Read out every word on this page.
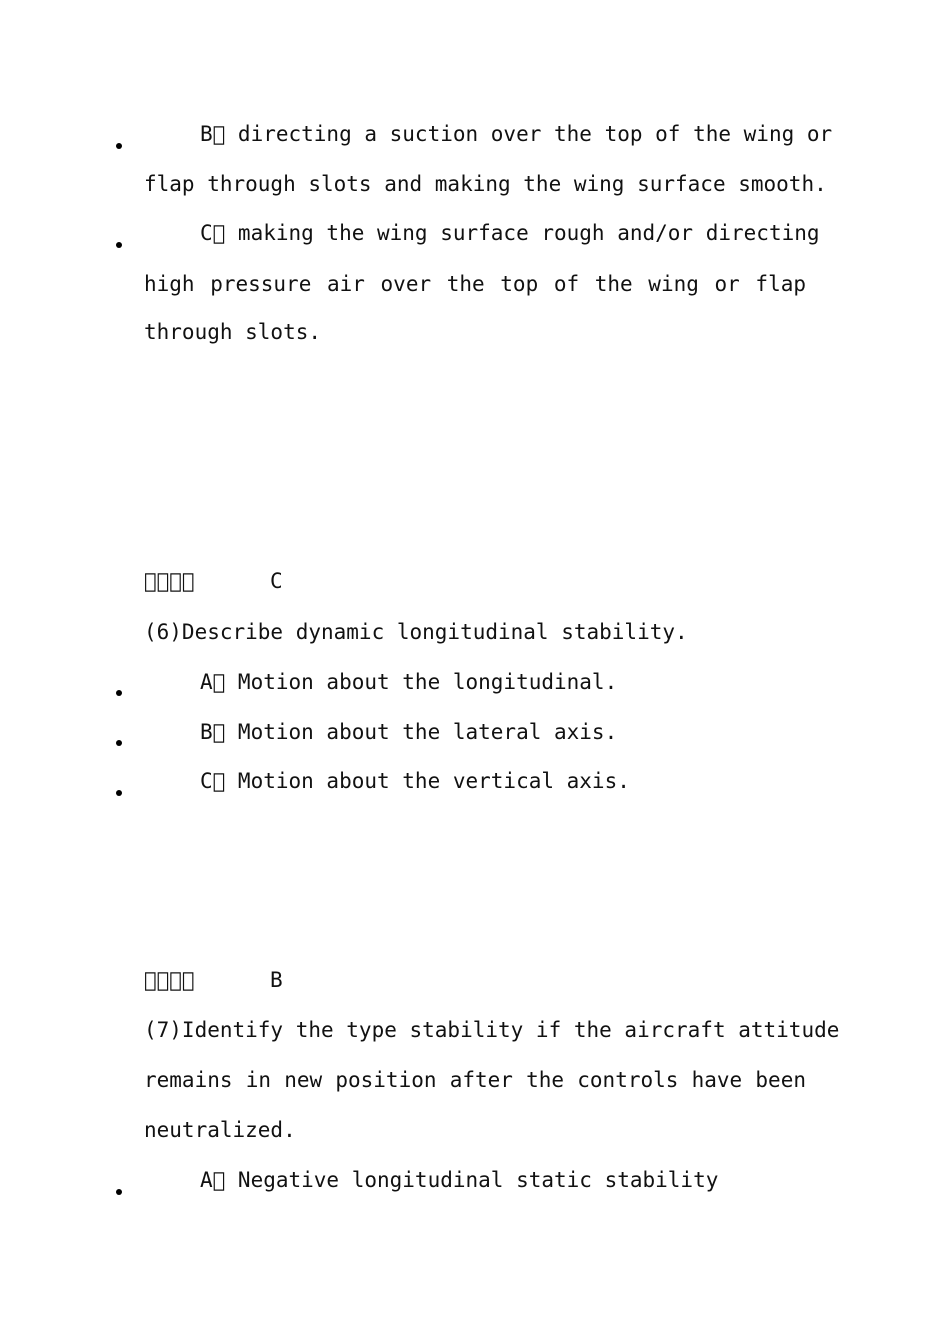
B  directing a suction over the top of the wing or
flap through slots and making the wing surface smooth.
C  making the wing surface rough and/or directing
high pressure air over the top of the wing or flap
through slots.
    	C
(6)Describe dynamic longitudinal stability.
A  Motion about the longitudinal.
B  Motion about the lateral axis.
C  Motion about the vertical axis.
    	B
(7)Identify the type stability if the aircraft attitude
remains in new position after the controls have been
neutralized.
A  Negative longitudinal static stability
